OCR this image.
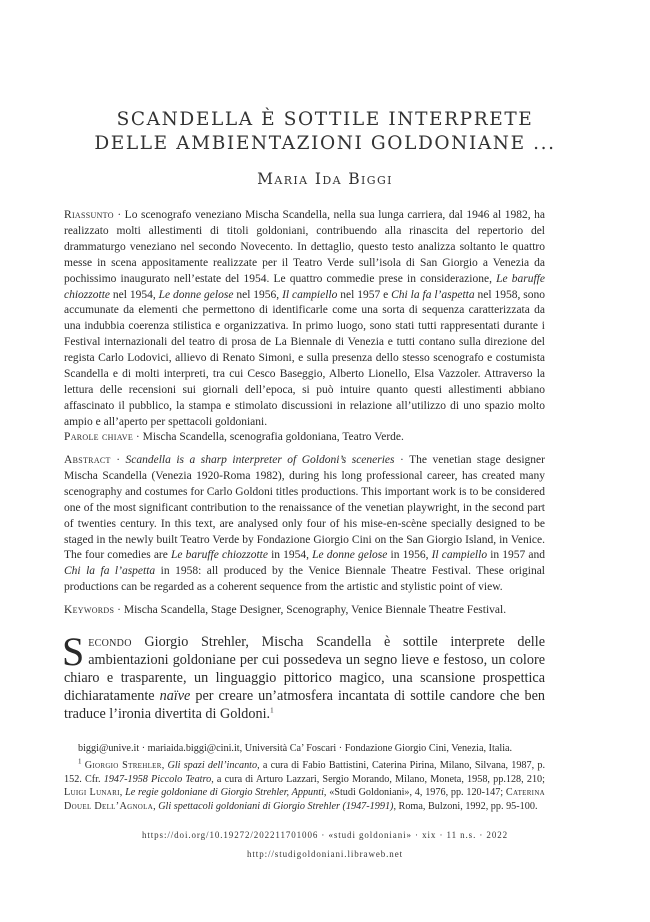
SCANDELLA È SOTTILE INTERPRETE
DELLE AMBIENTAZIONI GOLDONIANE ...
Maria Ida Biggi
Riassunto · Lo scenografo veneziano Mischa Scandella, nella sua lunga carriera, dal 1946 al 1982, ha realizzato molti allestimenti di titoli goldoniani, contribuendo alla rinascita del repertorio del drammaturgo veneziano nel secondo Novecento. In dettaglio, questo testo analizza soltanto le quattro messe in scena appositamente realizzate per il Teatro Verde sull’isola di San Giorgio a Venezia da pochissimo inaugurato nell’estate del 1954. Le quattro commedie prese in considerazione, Le baruffe chiozzotte nel 1954, Le donne gelose nel 1956, Il campiello nel 1957 e Chi la fa l’aspetta nel 1958, sono accumunate da elementi che permettono di identificarle come una sorta di sequenza caratterizzata da una indubbia coerenza stilistica e organizzativa. In primo luogo, sono stati tutti rappresentati durante i Festival internazionali del teatro di prosa de La Biennale di Venezia e tutti contano sulla direzione del regista Carlo Lodovici, allievo di Renato Simoni, e sulla presenza dello stesso scenografo e costumista Scandella e di molti interpreti, tra cui Cesco Baseggio, Alberto Lionello, Elsa Vazzoler. Attraverso la lettura delle recensioni sui giornali dell’epoca, si può intuire quanto questi allestimenti abbiano affascinato il pubblico, la stampa e stimolato discussioni in relazione all’utilizzo di uno spazio molto ampio e all’aperto per spettacoli goldoniani.
Parole chiave · Mischa Scandella, scenografia goldoniana, Teatro Verde.
Abstract · Scandella is a sharp interpreter of Goldoni’s sceneries · The venetian stage designer Mischa Scandella (Venezia 1920-Roma 1982), during his long professional career, has created many scenography and costumes for Carlo Goldoni titles productions. This important work is to be considered one of the most significant contribution to the renaissance of the venetian playwright, in the second part of twenties century. In this text, are analysed only four of his mise-en-scène specially designed to be staged in the newly built Teatro Verde by Fondazione Giorgio Cini on the San Giorgio Island, in Venice. The four comedies are Le baruffe chiozzotte in 1954, Le donne gelose in 1956, Il campiello in 1957 and Chi la fa l’aspetta in 1958: all produced by the Venice Biennale Theatre Festival. These original productions can be regarded as a coherent sequence from the artistic and stylistic point of view.
Keywords · Mischa Scandella, Stage Designer, Scenography, Venice Biennale Theatre Festival.
Secondo Giorgio Strehler, Mischa Scandella è sottile interprete delle ambientazioni goldoniane per cui possedeva un segno lieve e festoso, un colore chiaro e trasparente, un linguaggio pittorico magico, una scansione prospettica dichiaratamente naïve per creare un’atmosfera incantata di sottile candore che ben traduce l’ironia divertita di Goldoni.$^1$
biggi@unive.it · mariaida.biggi@cini.it, Università Ca’ Foscari · Fondazione Giorgio Cini, Venezia, Italia.
$^1$ Giorgio Strehler, Gli spazi dell’incanto, a cura di Fabio Battistini, Caterina Pirina, Milano, Silvana, 1987, p. 152. Cfr. 1947-1958 Piccolo Teatro, a cura di Arturo Lazzari, Sergio Morando, Milano, Moneta, 1958, pp.128, 210; Luigi Lunari, Le regie goldoniane di Giorgio Strehler, Appunti, «Studi Goldoniani», 4, 1976, pp. 120-147; Caterina Douel Dell’Agnola, Gli spettacoli goldoniani di Giorgio Strehler (1947-1991), Roma, Bulzoni, 1992, pp. 95-100.
https://doi.org/10.19272/202211701006 · «studi goldoniani» · xix · 11 n.s. · 2022
http://studigoldoniani.libraweb.net
